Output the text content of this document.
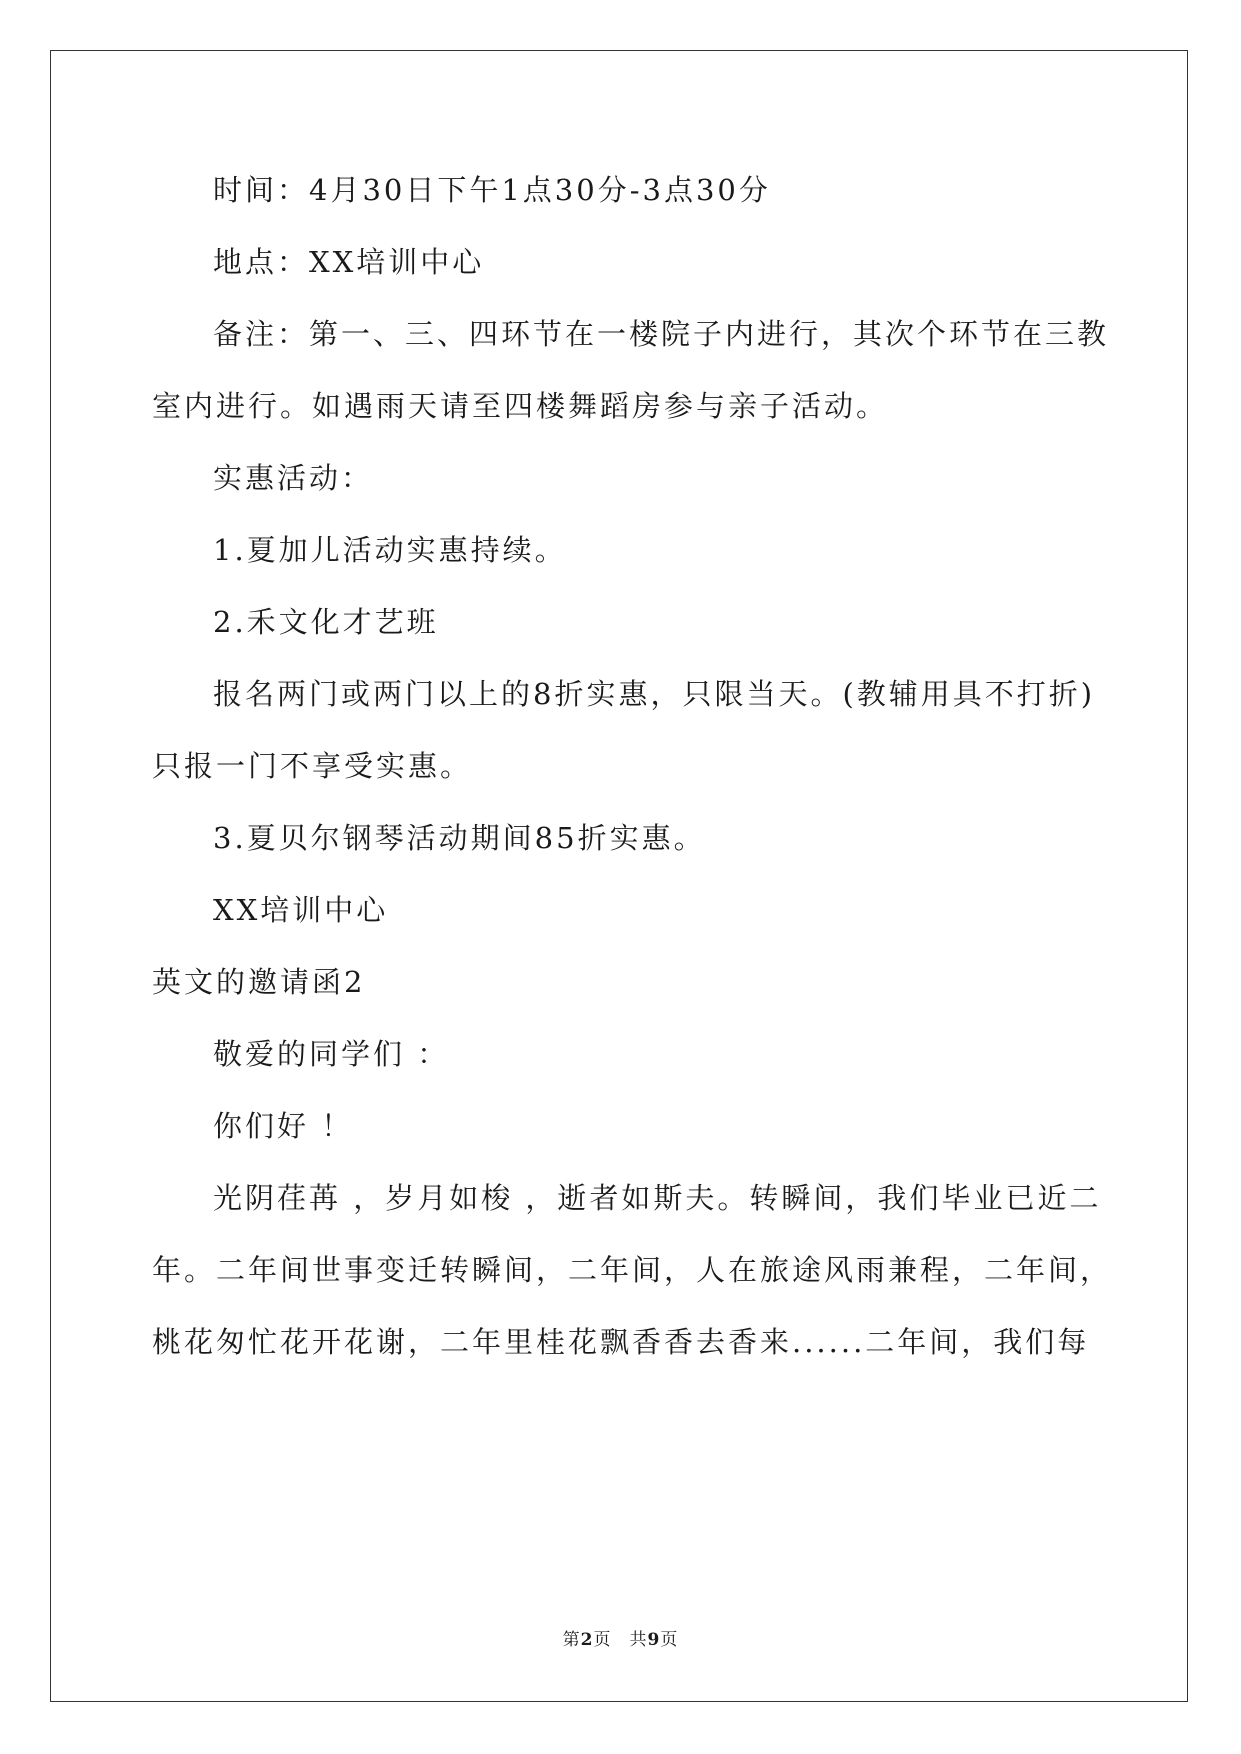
时间：4月30日下午1点30分-3点30分
地点：XX培训中心
备注：第一、三、四环节在一楼院子内进行，其次个环节在三教
室内进行。如遇雨天请至四楼舞蹈房参与亲子活动。
实惠活动：
1.夏加儿活动实惠持续。
2.禾文化才艺班
报名两门或两门以上的8折实惠，只限当天。(教辅用具不打折)
只报一门不享受实惠。
3.夏贝尔钢琴活动期间85折实惠。
XX培训中心
英文的邀请函2
敬爱的同学们 ：
你们好 ！
光阴荏苒 ，岁月如梭 ，逝者如斯夫。转瞬间，我们毕业已近二
年。二年间世事变迁转瞬间，二年间，人在旅途风雨兼程，二年间，
桃花匆忙花开花谢，二年里桂花飘香香去香来......二年间，我们每
第2页　共9页
